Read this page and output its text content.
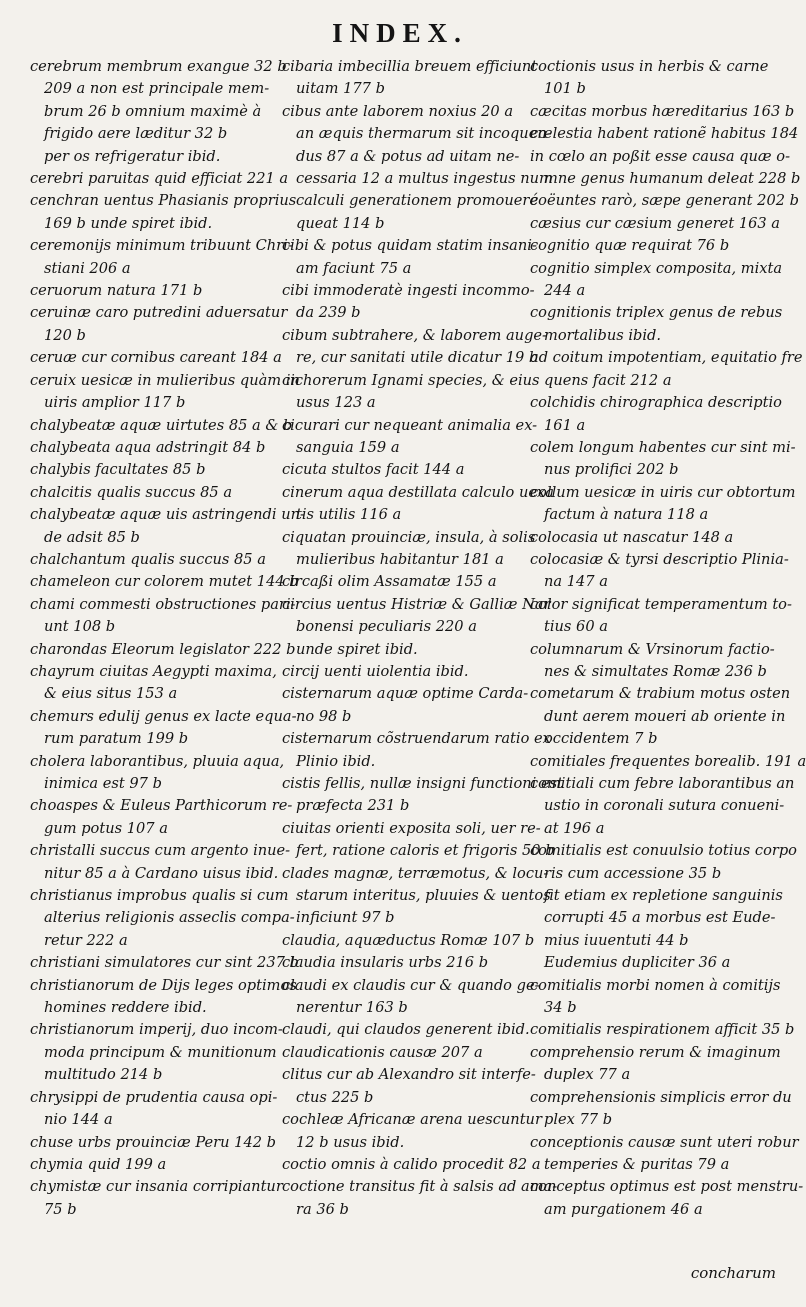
INDEX.
cerebrum membrum exangue 32 b
209 a non est principale mem-
brum 26 b omnium maximè à
frigido aere læditur 32 b
per os refrigeratur ibid.
cerebri paruitas quid efficiat 221 a
cenchran uentus Phasianis proprius
169 b unde spiret ibid.
ceremonijs minimum tribuunt Chri-
stiani 206 a
ceruorum natura 171 b
ceruinæ caro putredini aduersatur
120 b
ceruæ cur cornibus careant 184 a
ceruix uesicæ in mulieribus quàm in
uiris amplior 117 b
chalybeatæ aquæ uirtutes 85 a & b
chalybeata aqua adstringit 84 b
chalybis facultates 85 b
chalcitis qualis succus 85 a
chalybeatæ aquæ uis astringendi un-
de adsit 85 b
chalchantum qualis succus 85 a
chameleon cur colorem mutet 144 b
chami commesti obstructiones pari-
unt 108 b
charondas Eleorum legislator 222 b
chayrum ciuitas Aegypti maxima,
& eius situs 153 a
chemurs edulij genus ex lacte equa-
rum paratum 199 b
cholera laborantibus, pluuia aqua,
inimica est 97 b
choaspes & Euleus Parthicorum re-
gum potus 107 a
christalli succus cum argento inue-
nitur 85 a à Cardano uisus ibid.
christianus improbus qualis si cum
alterius religionis asseclis compa-
retur 222 a
christiani simulatores cur sint 237 b
christianorum de Dijs leges optimos
homines reddere ibid.
christianorum imperij, duo incom-
moda principum & munitionum
multitudo 214 b
chrysippi de prudentia causa opi-
nio 144 a
chuse urbs prouinciæ Peru 142 b
chymia quid 199 a
chymistæ cur insania corripiantur
75 b
cibaria imbecillia breuem efficiunt
uitam 177 b
cibus ante laborem noxius 20 a
an æquis thermarum sit incoquen-
dus 87 a & potus ad uitam ne-
cessaria 12 a multus ingestus num
calculi generationem promoueré
queat 114 b
cibi & potus quidam statim insani-
am faciunt 75 a
cibi immoderatè ingesti incommo-
da 239 b
cibum subtrahere, & laborem auge-
re, cur sanitati utile dicatur 19 b
cichorerum Ignami species, & eius
usus 123 a
cicurari cur nequeant animalia ex-
sanguia 159 a
cicuta stultos facit 144 a
cinerum aqua destillata calculo uexa
tis utilis 116 a
ciquatan prouinciæ, insula, à solis
mulieribus habitantur 181 a
circaßi olim Assamatæ 155 a
circius uentus Histriæ & Galliæ Nar
bonensi peculiaris 220 a
unde spiret ibid.
circij uenti uiolentia ibid.
cisternarum aquæ optime Carda-
no 98 b
cisternarum cõstruendarum ratio ex
Plinio ibid.
cistis fellis, nullæ insigni functioni est
præfecta 231 b
ciuitas orienti exposita soli, uer re-
fert, ratione caloris et frigoris 50 b
clades magnæ, terræmotus, & locu-
starum interitus, pluuies & uentos
inficiunt 97 b
claudia, aquæductus Romæ 107 b
claudia insularis urbs 216 b
claudi ex claudis cur & quando ge-
nerentur 163 b
claudi, qui claudos generent ibid.
claudicationis causæ 207 a
clitus cur ab Alexandro sit interfe-
ctus 225 b
cochleæ Africanæ arena uescuntur
12 b usus ibid.
coctio omnis à calido procedit 82 a
coctione transitus fit à salsis ad ama-
ra 36 b
coctionis usus in herbis & carne
101 b
cæcitas morbus hæreditarius 163 b
cœlestia habent rationẽ habitus 184
in cœlo an poßit esse causa quæ o-
mne genus humanum deleat 228 b
coëuntes rarò, sæpe generant 202 b
cæsius cur cæsium generet 163 a
cognitio quæ requirat 76 b
cognitio simplex composita, mixta
244 a
cognitionis triplex genus de rebus
mortalibus ibid.
ad coitum impotentiam, equitatio fre
quens facit 212 a
colchidis chirographica descriptio
161 a
colem longum habentes cur sint mi-
nus prolifici 202 b
collum uesicæ in uiris cur obtortum
factum à natura 118 a
colocasia ut nascatur 148 a
colocasiæ & tyrsi descriptio Plinia-
na 147 a
color significat temperamentum to-
tius 60 a
columnarum & Vrsinorum factio-
nes & simultates Romæ 236 b
cometarum & trabium motus osten
dunt aerem moueri ab oriente in
occidentem 7 b
comitiales frequentes borealib. 191 a
comitiali cum febre laborantibus an
ustio in coronali sutura conueni-
at 196 a
comitialis est conuulsio totius corpo
ris cum accessione 35 b
fit etiam ex repletione sanguinis
corrupti 45 a morbus est Eude-
mius iuuentuti 44 b
Eudemius dupliciter 36 a
comitialis morbi nomen à comitijs
34 b
comitialis respirationem afficit 35 b
comprehensio rerum & imaginum
duplex 77 a
comprehensionis simplicis error du
plex 77 b
conceptionis causæ sunt uteri robur
temperies & puritas 79 a
conceptus optimus est post menstru-
am purgationem 46 a
concharum
